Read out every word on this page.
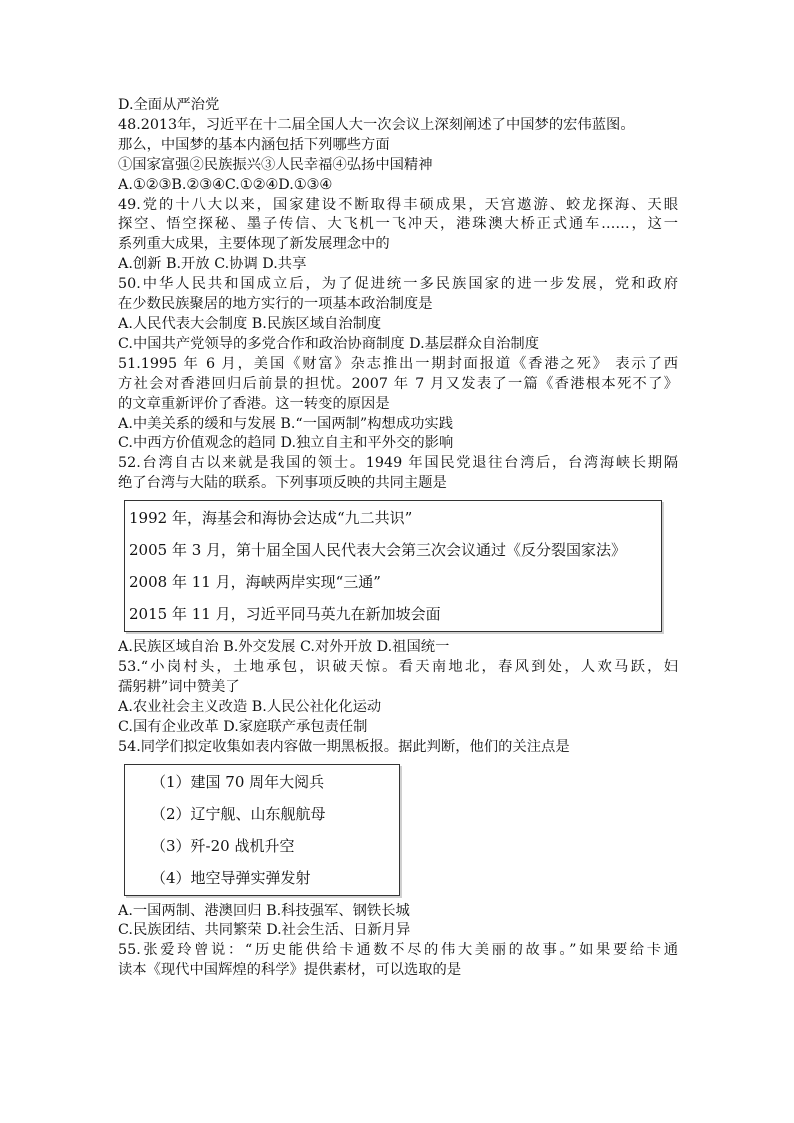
D.全面从严治党
48.2013年，习近平在十二届全国人大一次会议上深刻阐述了中国梦的宏伟蓝图。
那么，中国梦的基本内涵包括下列哪些方面
①国家富强②民族振兴③人民幸福④弘扬中国精神
A.①②③B.②③④C.①②④D.①③④
49.党的十八大以来，国家建设不断取得丰硕成果，天宫遨游、蛟龙探海、天眼
探空、悟空探秘、墨子传信、大飞机一飞冲天，港珠澳大桥正式通车……，这一
系列重大成果，主要体现了新发展理念中的
A.创新 B.开放 C.协调 D.共享
50.中华人民共和国成立后，为了促进统一多民族国家的进一步发展，党和政府
在少数民族聚居的地方实行的一项基本政治制度是
A.人民代表大会制度 B.民族区域自治制度
C.中国共产党领导的多党合作和政治协商制度 D.基层群众自治制度
51.1995 年 6 月，美国《财富》杂志推出一期封面报道《香港之死》 表示了西
方社会对香港回归后前景的担忧。2007 年 7 月又发表了一篇《香港根本死不了》
的文章重新评价了香港。这一转变的原因是
A.中美关系的缓和与发展 B.“一国两制”构想成功实践
C.中西方价值观念的趋同 D.独立自主和平外交的影响
52.台湾自古以来就是我国的领士。1949 年国民党退往台湾后，台湾海峡长期隔
绝了台湾与大陆的联系。下列事项反映的共同主题是
1992 年，海基会和海协会达成“九二共识”
2005 年 3 月，第十届全国人民代表大会第三次会议通过《反分裂国家法》
2008 年 11 月，海峡两岸实现“三通”
2015 年 11 月，习近平同马英九在新加坡会面
A.民族区域自治 B.外交发展 C.对外开放 D.祖国统一
53.“小岗村头，土地承包，识破天惊。看天南地北，春风到处，人欢马跃，妇
孺躬耕”词中赞美了
A.农业社会主义改造 B.人民公社化化运动
C.国有企业改革 D.家庭联产承包责任制
54.同学们拟定收集如表内容做一期黑板报。据此判断，他们的关注点是
（1）建国 70 周年大阅兵
（2）辽宁舰、山东舰航母
（3）歼-20 战机升空
（4）地空导弹实弹发射
A.一国两制、港澳回归 B.科技强军、钢铁长城
C.民族团结、共同繁荣 D.社会生活、日新月异
55.张爱玲曾说：“历史能供给卡通数不尽的伟大美丽的故事。”如果要给卡通
读本《现代中国辉煌的科学》提供素材，可以选取的是
